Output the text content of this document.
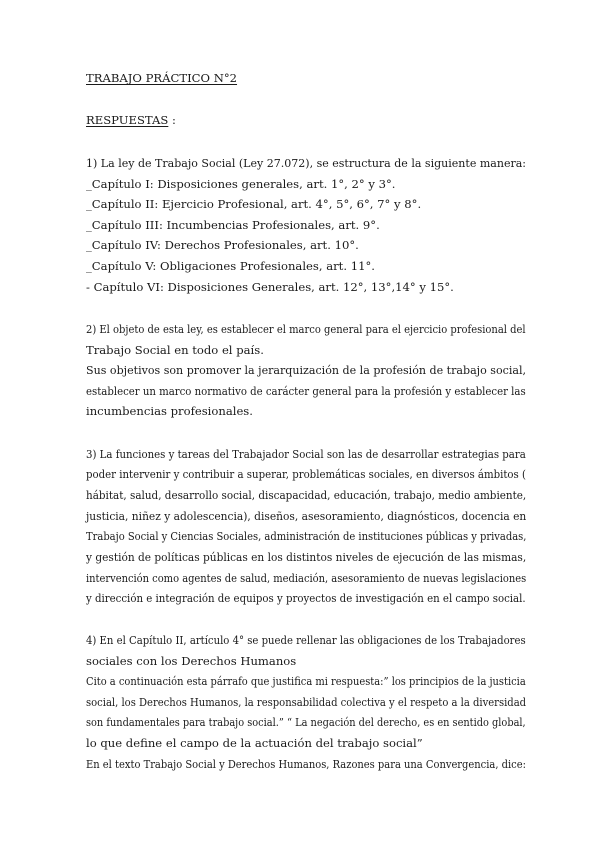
TRABAJO PRÁCTICO N°2
RESPUESTAS :
1) La ley de Trabajo Social (Ley 27.072), se estructura de la siguiente manera:
_Capítulo I: Disposiciones generales, art. 1°, 2° y 3°.
_Capítulo II: Ejercicio Profesional, art. 4°, 5°, 6°, 7° y 8°.
_Capítulo III: Incumbencias Profesionales, art. 9°.
_Capítulo IV: Derechos Profesionales, art. 10°.
_Capítulo V: Obligaciones Profesionales, art. 11°.
- Capítulo VI: Disposiciones Generales, art. 12°, 13°,14° y 15°.
2) El objeto de esta ley, es establecer el marco general para el ejercicio profesional del
Trabajo Social en todo el país.
Sus objetivos son promover la jerarquización de la profesión de trabajo social,
establecer un marco normativo de carácter general para la profesión y establecer las
incumbencias profesionales.
3) La funciones y tareas del Trabajador Social son las de desarrollar estrategias para
poder intervenir y contribuir a superar, problemáticas sociales, en diversos ámbitos (
hábitat, salud, desarrollo social, discapacidad, educación, trabajo, medio ambiente,
justicia, niñez y adolescencia), diseños, asesoramiento, diagnósticos, docencia en
Trabajo Social y Ciencias Sociales, administración de instituciones públicas y privadas,
y gestión de políticas públicas en los distintos niveles de ejecución de las mismas,
intervención como agentes de salud, mediación, asesoramiento de nuevas legislaciones
y dirección e integración de equipos y proyectos de investigación en el campo social.
4) En el Capítulo II, artículo 4° se puede rellenar las obligaciones de los Trabajadores
sociales con los Derechos Humanos
Cito a continuación esta párrafo que justifica mi respuesta:” los principios de la justicia
social, los Derechos Humanos, la responsabilidad colectiva y el respeto a la diversidad
son fundamentales para trabajo social.” “ La negación del derecho, es en sentido global,
lo que define el campo de la actuación del trabajo social”
En el texto Trabajo Social y Derechos Humanos, Razones para una Convergencia, dice:
